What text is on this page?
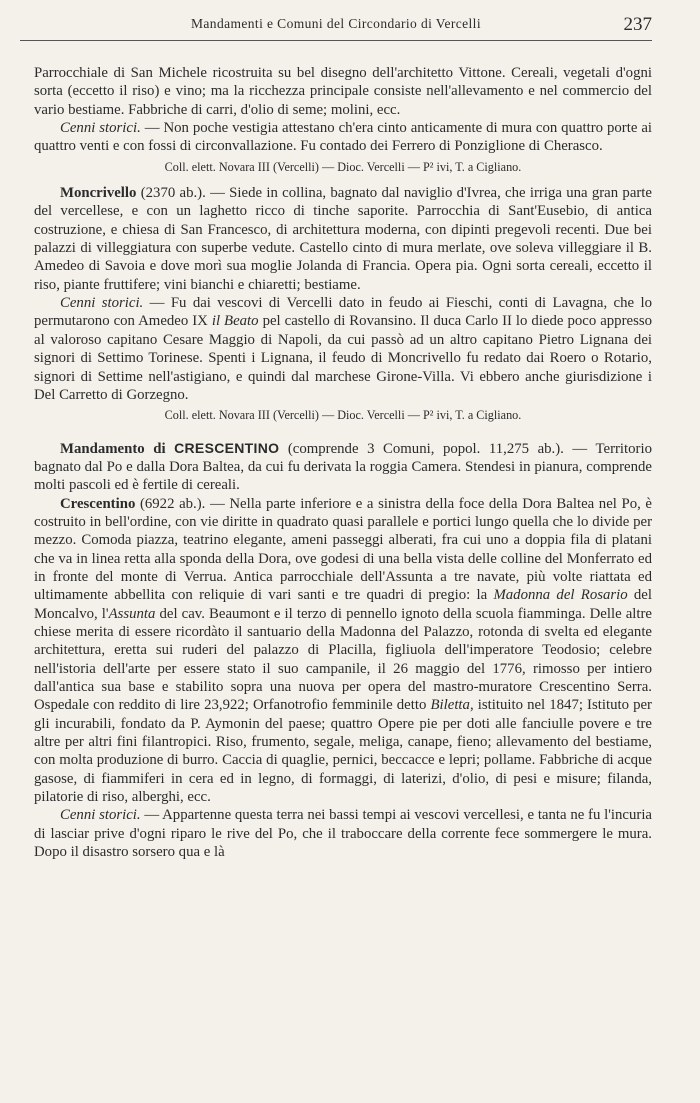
Mandamenti e Comuni del Circondario di Vercelli	237

Parrocchiale di San Michele ricostruita su bel disegno dell'architetto Vittone. Cereali, vegetali d'ogni sorta (eccetto il riso) e vino; ma la ricchezza principale consiste nell'allevamento e nel commercio del vario bestiame. Fabbriche di carri, d'olio di seme; molini, ecc.

Cenni storici. — Non poche vestigia attestano ch'era cinto anticamente di mura con quattro porte ai quattro venti e con fossi di circonvallazione. Fu contado dei Ferrero di Ponziglione di Cherasco.

Coll. elett. Novara III (Vercelli) — Dioc. Vercelli — P² ivi, T. a Cigliano.

Moncrivello (2370 ab.). — Siede in collina, bagnato dal naviglio d'Ivrea, che irriga una gran parte del vercellese, e con un laghetto ricco di tinche saporite. Parrocchia di Sant'Eusebio, di antica costruzione, e chiesa di San Francesco, di architettura moderna, con dipinti pregevoli recenti. Due bei palazzi di villeggiatura con superbe vedute. Castello cinto di mura merlate, ove soleva villeggiare il B. Amedeo di Savoia e dove morì sua moglie Jolanda di Francia. Opera pia. Ogni sorta cereali, eccetto il riso, piante fruttifere; vini bianchi e chiaretti; bestiame.

Cenni storici. — Fu dai vescovi di Vercelli dato in feudo ai Fieschi, conti di Lavagna, che lo permutarono con Amedeo IX il Beato pel castello di Rovansino. Il duca Carlo II lo diede poco appresso al valoroso capitano Cesare Maggio di Napoli, da cui passò ad un altro capitano Pietro Lignana dei signori di Settimo Torinese. Spenti i Lignana, il feudo di Moncrivello fu redato dai Roero o Rotario, signori di Settime nell'astigiano, e quindi dal marchese Girone-Villa. Vi ebbero anche giurisdizione i Del Carretto di Gorzegno.

Coll. elett. Novara III (Vercelli) — Dioc. Vercelli — P² ivi, T. a Cigliano.

Mandamento di CRESCENTINO (comprende 3 Comuni, popol. 11,275 ab.). — Territorio bagnato dal Po e dalla Dora Baltea, da cui fu derivata la roggia Camera. Stendesi in pianura, comprende molti pascoli ed è fertile di cereali.

Crescentino (6922 ab.). — Nella parte inferiore e a sinistra della foce della Dora Baltea nel Po, è costruito in bell'ordine, con vie diritte in quadrato quasi parallele e portici lungo quella che lo divide per mezzo. Comoda piazza, teatrino elegante, ameni passeggi alberati, fra cui uno a doppia fila di platani che va in linea retta alla sponda della Dora, ove godesi di una bella vista delle colline del Monferrato ed in fronte del monte di Verrua. Antica parrocchiale dell'Assunta a tre navate, più volte riattata ed ultimamente abbellita con reliquie di vari santi e tre quadri di pregio: la Madonna del Rosario del Moncalvo, l'Assunta del cav. Beaumont e il terzo di pennello ignoto della scuola fiamminga. Delle altre chiese merita di essere ricordàto il santuario della Madonna del Palazzo, rotonda di svelta ed elegante architettura, eretta sui ruderi del palazzo di Placilla, figliuola dell'imperatore Teodosio; celebre nell'istoria dell'arte per essere stato il suo campanile, il 26 maggio del 1776, rimosso per intiero dall'antica sua base e stabilito sopra una nuova per opera del mastro-muratore Crescentino Serra. Ospedale con reddito di lire 23,922; Orfanotrofio femminile detto Biletta, istituito nel 1847; Istituto per gli incurabili, fondato da P. Aymonin del paese; quattro Opere pie per doti alle fanciulle povere e tre altre per altri fini filantropici. Riso, frumento, segale, meliga, canape, fieno; allevamento del bestiame, con molta produzione di burro. Caccia di quaglie, pernici, beccacce e lepri; pollame. Fabbriche di acque gasose, di fiammiferi in cera ed in legno, di formaggi, di laterizi, d'olio, di pesi e misure; filanda, pilatorie di riso, alberghi, ecc.

Cenni storici. — Appartenne questa terra nei bassi tempi ai vescovi vercellesi, e tanta ne fu l'incuria di lasciar prive d'ogni riparo le rive del Po, che il traboccare della corrente fece sommergere le mura. Dopo il disastro sorsero qua e là
